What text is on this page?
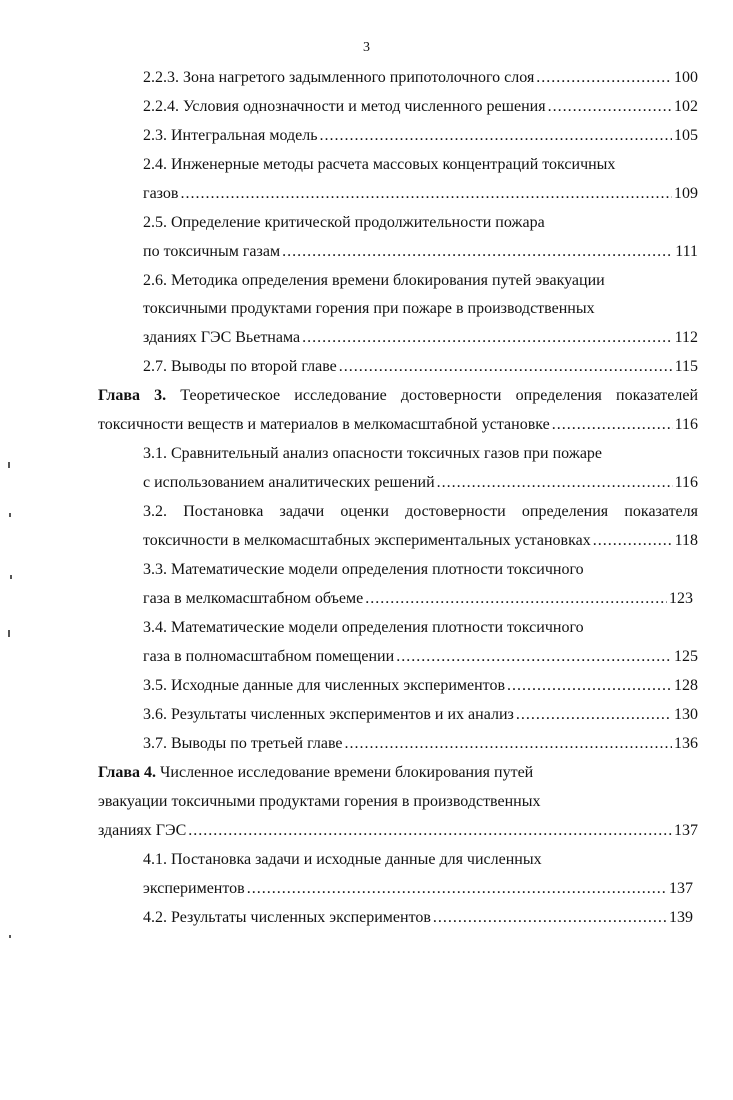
3
2.2.3. Зона нагретого задымленного припотолочного слоя .....	100
2.2.4. Условия однозначности и метод численного решения .....	102
2.3. Интегральная модель .....	105
2.4. Инженерные методы расчета массовых концентраций токсичных
газов .....	109
2.5. Определение критической продолжительности пожара
по токсичным газам .....	111
2.6. Методика определения времени блокирования путей эвакуации
токсичными продуктами горения при пожаре в производственных
зданиях ГЭС Вьетнама .....	112
2.7. Выводы по второй главе .....	115
Глава 3. Теоретическое исследование достоверности определения показателей
токсичности веществ и материалов в мелкомасштабной установке .....	116
3.1. Сравнительный анализ опасности токсичных газов при пожаре
с использованием аналитических решений .....	116
3.2. Постановка задачи оценки достоверности определения показателя
токсичности в мелкомасштабных экспериментальных установках .....	118
3.3. Математические модели определения плотности токсичного
газа в мелкомасштабном объеме .....	123
3.4. Математические модели определения плотности токсичного
газа в полномасштабном помещении .....	125
3.5. Исходные данные для численных экспериментов .....	128
3.6. Результаты численных экспериментов и их анализ .....	130
3.7. Выводы по третьей главе .....	136
Глава 4. Численное исследование времени блокирования путей
эвакуации токсичными продуктами горения в производственных
зданиях ГЭС .....	137
4.1. Постановка задачи и исходные данные для численных
экспериментов .....	137
4.2. Результаты численных экспериментов .....	139
